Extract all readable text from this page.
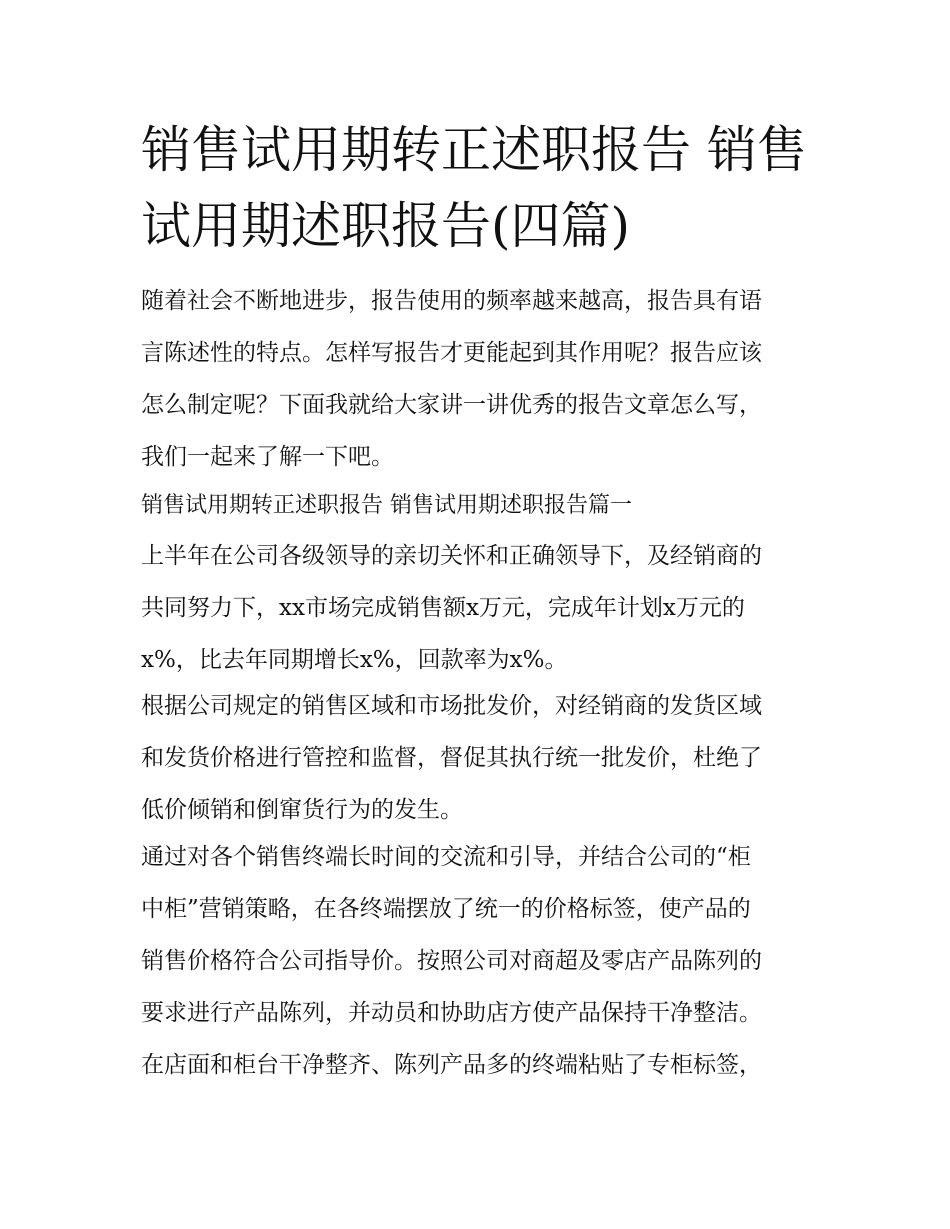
销售试用期转正述职报告 销售试用期述职报告(四篇)

随着社会不断地进步，报告使用的频率越来越高，报告具有语

言陈述性的特点。怎样写报告才更能起到其作用呢？报告应该

怎么制定呢？下面我就给大家讲一讲优秀的报告文章怎么写，

我们一起来了解一下吧。

销售试用期转正述职报告 销售试用期述职报告篇一

上半年在公司各级领导的亲切关怀和正确领导下，及经销商的

共同努力下，xx市场完成销售额x万元，完成年计划x万元的

x%，比去年同期增长x%，回款率为x%。

根据公司规定的销售区域和市场批发价，对经销商的发货区域

和发货价格进行管控和监督，督促其执行统一批发价，杜绝了

低价倾销和倒窜货行为的发生。

通过对各个销售终端长时间的交流和引导，并结合公司的“柜

中柜”营销策略，在各终端摆放了统一的价格标签，使产品的

销售价格符合公司指导价。按照公司对商超及零店产品陈列的

要求进行产品陈列，并动员和协助店方使产品保持干净整洁。

在店面和柜台干净整齐、陈列产品多的终端粘贴了专柜标签，
